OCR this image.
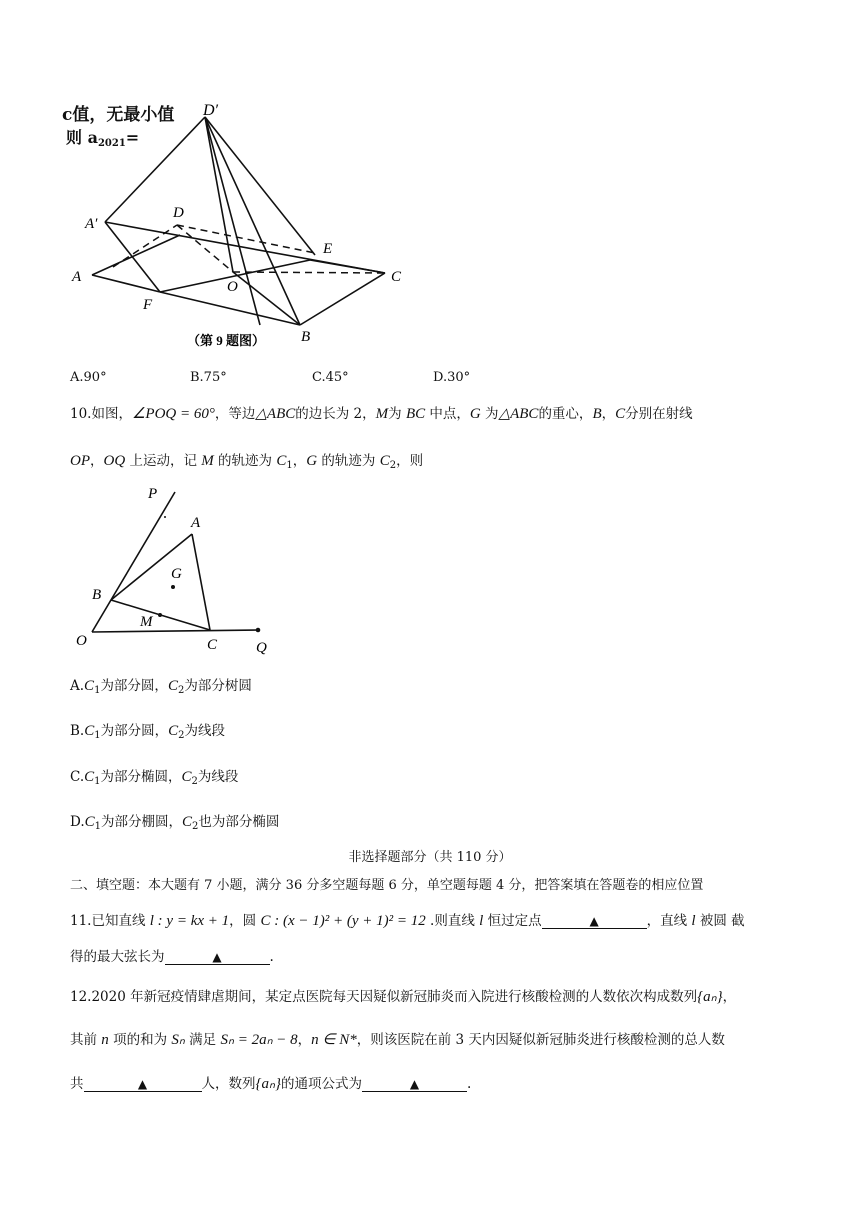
D′
A′
D
E
A
O
C
F
B
（第 9 题图）
c值，无最小值
则 a2021=
A.90°	B.75°	C.45°	D.30°
10.如图，∠POQ = 60°，等边△ABC的边长为 2，M为 BC 中点，G 为△ABC的重心，B，C分别在射线
OP，OQ 上运动，记 M 的轨迹为 $C_1$，G 的轨迹为 $C_2$，则
P
A
G
B
M
O	C	Q
$A.C_1$为部分圆，$C_2$为部分树圆
$B.C_1$为部分圆，$C_2$为线段
$C.C_1$为部分椭圆，$C_2$为线段
$D.C_1$为部分棚圆，$C_2$也为部分椭圆
非选择题部分（共 110 分）
二、填空题：本大题有 7 小题，满分 36 分多空题每题 6 分，单空题每题 4 分，把答案填在答题卷的相应位置
11.已知直线 l : y = kx + 1，圆 C : (x − 1)² + (y + 1)² = 12 .则直线 l 恒过定点	▲	，直线 l 被圆 截
得的最大弦长为	▲	.
12.2020 年新冠疫情肆虐期间，某定点医院每天因疑似新冠肺炎而入院进行核酸检测的人数依次构成数列{aₙ}，
其前 n 项的和为 Sₙ 满足 Sₙ = 2aₙ − 8，n ∈ N*，则该医院在前 3 天内因疑似新冠肺炎进行核酸检测的总人数
共	▲	人，数列{aₙ}的通项公式为	▲	.
